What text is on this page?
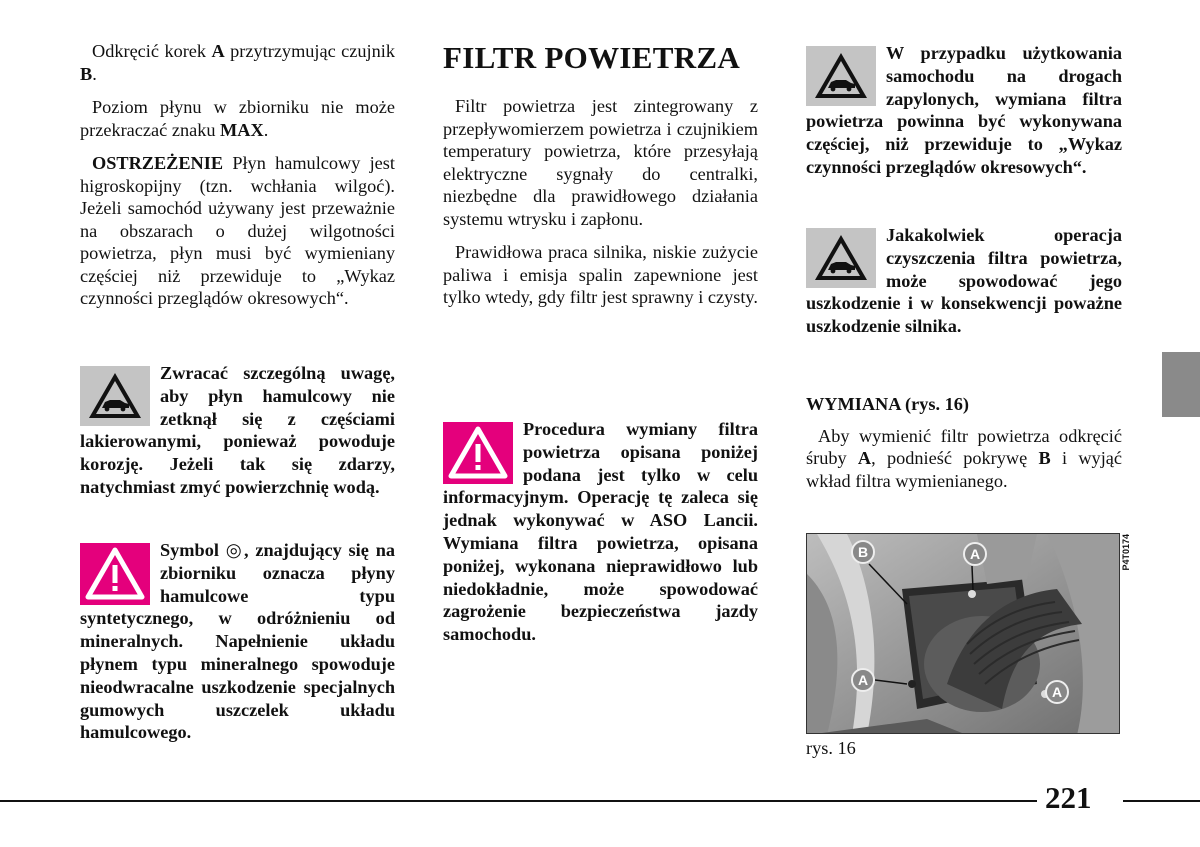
Odkręcić korek A przytrzymując czujnik B.

Poziom płynu w zbiorniku nie może przekraczać znaku MAX.

OSTRZEŻENIE Płyn hamulcowy jest higroskopijny (tzn. wchłania wilgoć). Jeżeli samochód używany jest przeważnie na obszarach o dużej wilgotności powietrza, płyn musi być wymieniany częściej niż przewiduje to „Wykaz czynności przeglądów okresowych“.

Zwracać szczególną uwagę, aby płyn hamulcowy nie zetknął się z częściami lakierowanymi, ponieważ powoduje korozję. Jeżeli tak się zdarzy, natychmiast zmyć powierzchnię wodą.
Symbol ◎, znajdujący się na zbiorniku oznacza płyny hamulcowe typu syntetycznego, w odróżnieniu od mineralnych. Napełnienie układu płynem typu mineralnego spowoduje nieodwracalne uszkodzenie specjalnych gumowych uszczelek układu hamulcowego.
FILTR POWIETRZA

Filtr powietrza jest zintegrowany z przepływomierzem powietrza i czujnikiem temperatury powietrza, które przesyłają elektryczne sygnały do centralki, niezbędne dla prawidłowego działania systemu wtrysku i zapłonu.

Prawidłowa praca silnika, niskie zużycie paliwa i emisja spalin zapewnione jest tylko wtedy, gdy filtr jest sprawny i czysty.

Procedura wymiany filtra powietrza opisana poniżej podana jest tylko w celu informacyjnym. Operację tę zaleca się jednak wykonywać w ASO Lancii. Wymiana filtra powietrza, opisana poniżej, wykonana nieprawidłowo lub niedokładnie, może spowodować zagrożenie bezpieczeństwa jazdy samochodu.
W przypadku użytkowania samochodu na drogach zapylonych, wymiana filtra powietrza powinna być wykonywana częściej, niż przewiduje to „Wykaz czynności przeglądów okresowych“.
Jakakolwiek operacja czyszczenia filtra powietrza, może spowodować jego uszkodzenie i w konsekwencji poważne uszkodzenie silnika.
WYMIANA (rys. 16)

Aby wymienić filtr powietrza odkręcić śruby A, podnieść pokrywę B i wyjąć wkład filtra wymienianego.

B	A
A
A
P4T0174
rys. 16
221
